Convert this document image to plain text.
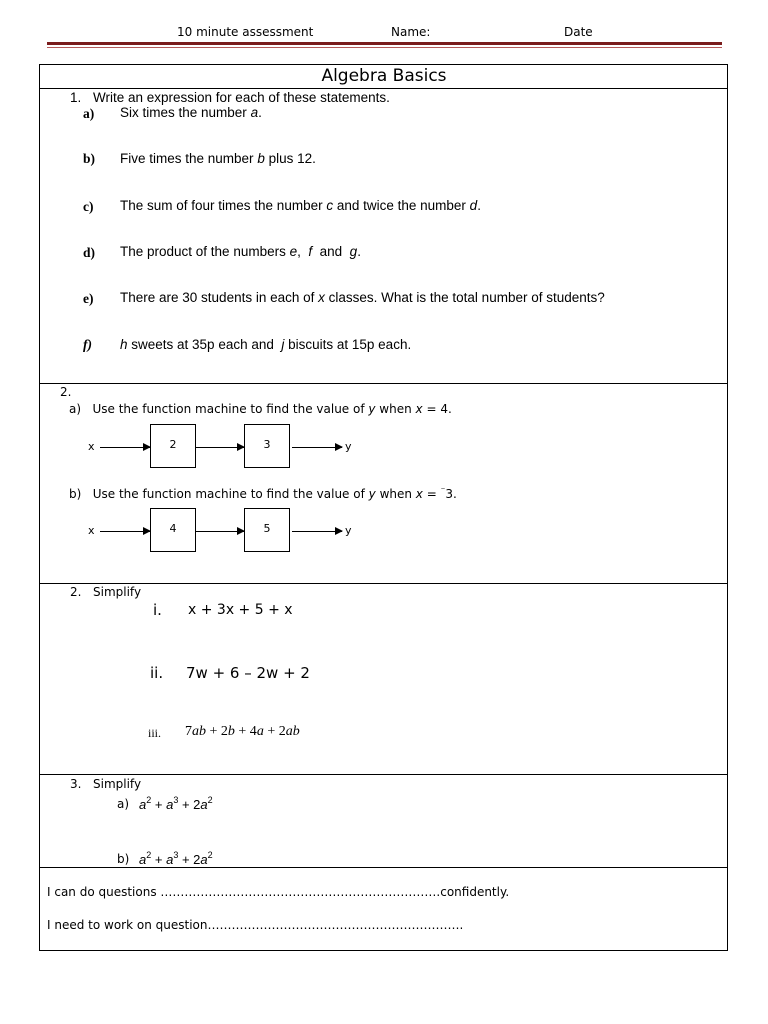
10 minute assessment	Name:	Date
Algebra Basics
1. Write an expression for each of these statements.
a) Six times the number a.
b) Five times the number b plus 12.
c) The sum of four times the number c and twice the number d.
d) The product of the numbers e,  f  and  g.
e) There are 30 students in each of x classes. What is the total number of students?
f) h sweets at 35p each and  j biscuits at 15p each.
2.
a)   Use the function machine to find the value of y when x = 4.
x	2	3	y
b)   Use the function machine to find the value of y when x = ⁻3.
x	4	5	y
2. Simplify
i. x + 3x + 5 + x
ii. 7w + 6 – 2w + 2
iii. 7ab + 2b + 4a + 2ab
3. Simplify
a) $a^2 + a^3 + 2a^2$
b) $a^2 + a^3 + 2a^2$
I can do questions …………………………………………………………….confidently.
I need to work on question……………………………………………………….
